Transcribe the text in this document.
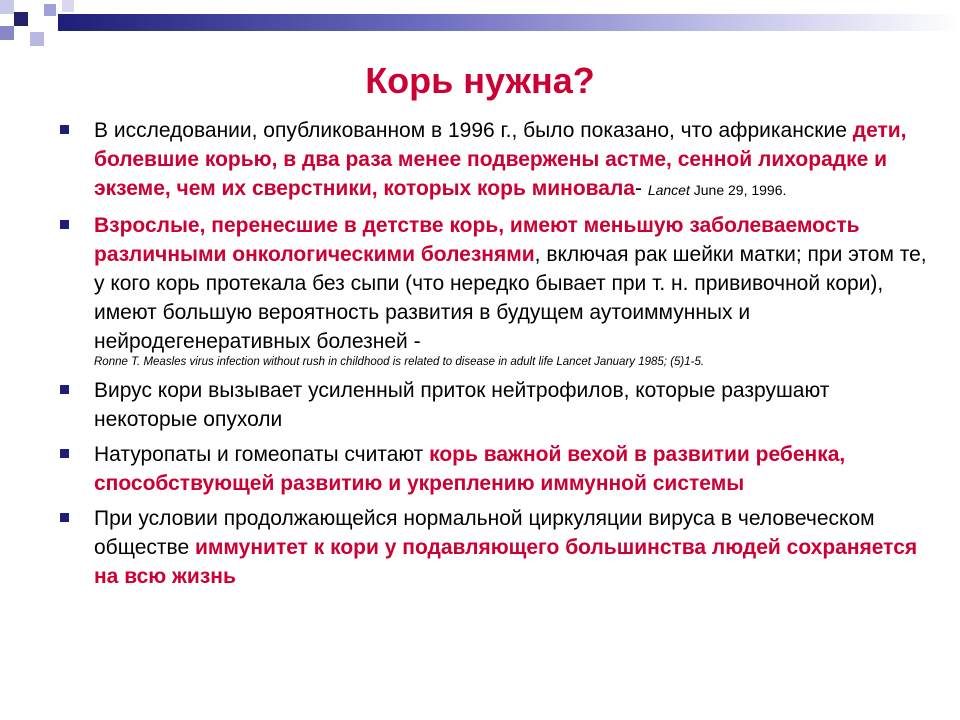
Корь нужна?
В исследовании, опубликованном в 1996 г., было показано, что африканские дети, болевшие корью, в два раза менее подвержены астме, сенной лихорадке и экземе, чем их сверстники, которых корь миновала- Lancet June 29, 1996.
Взрослые, перенесшие в детстве корь, имеют меньшую заболеваемость различными онкологическими болезнями, включая рак шейки матки; при этом те, у кого корь протекала без сыпи (что нередко бывает при т. н. прививочной кори), имеют большую вероятность развития в будущем аутоиммунных и нейродегенеративных болезней -
Ronne T. Measles virus infection without rush in childhood is related to disease in adult life Lancet January 1985; (5)1-5.
Вирус кори вызывает усиленный приток нейтрофилов, которые разрушают некоторые опухоли
Натуропаты и гомеопаты считают корь важной вехой в развитии ребенка, способствующей развитию и укреплению иммунной системы
При условии продолжающейся нормальной циркуляции вируса в человеческом обществе иммунитет к кори у подавляющего большинства людей сохраняется на всю жизнь
